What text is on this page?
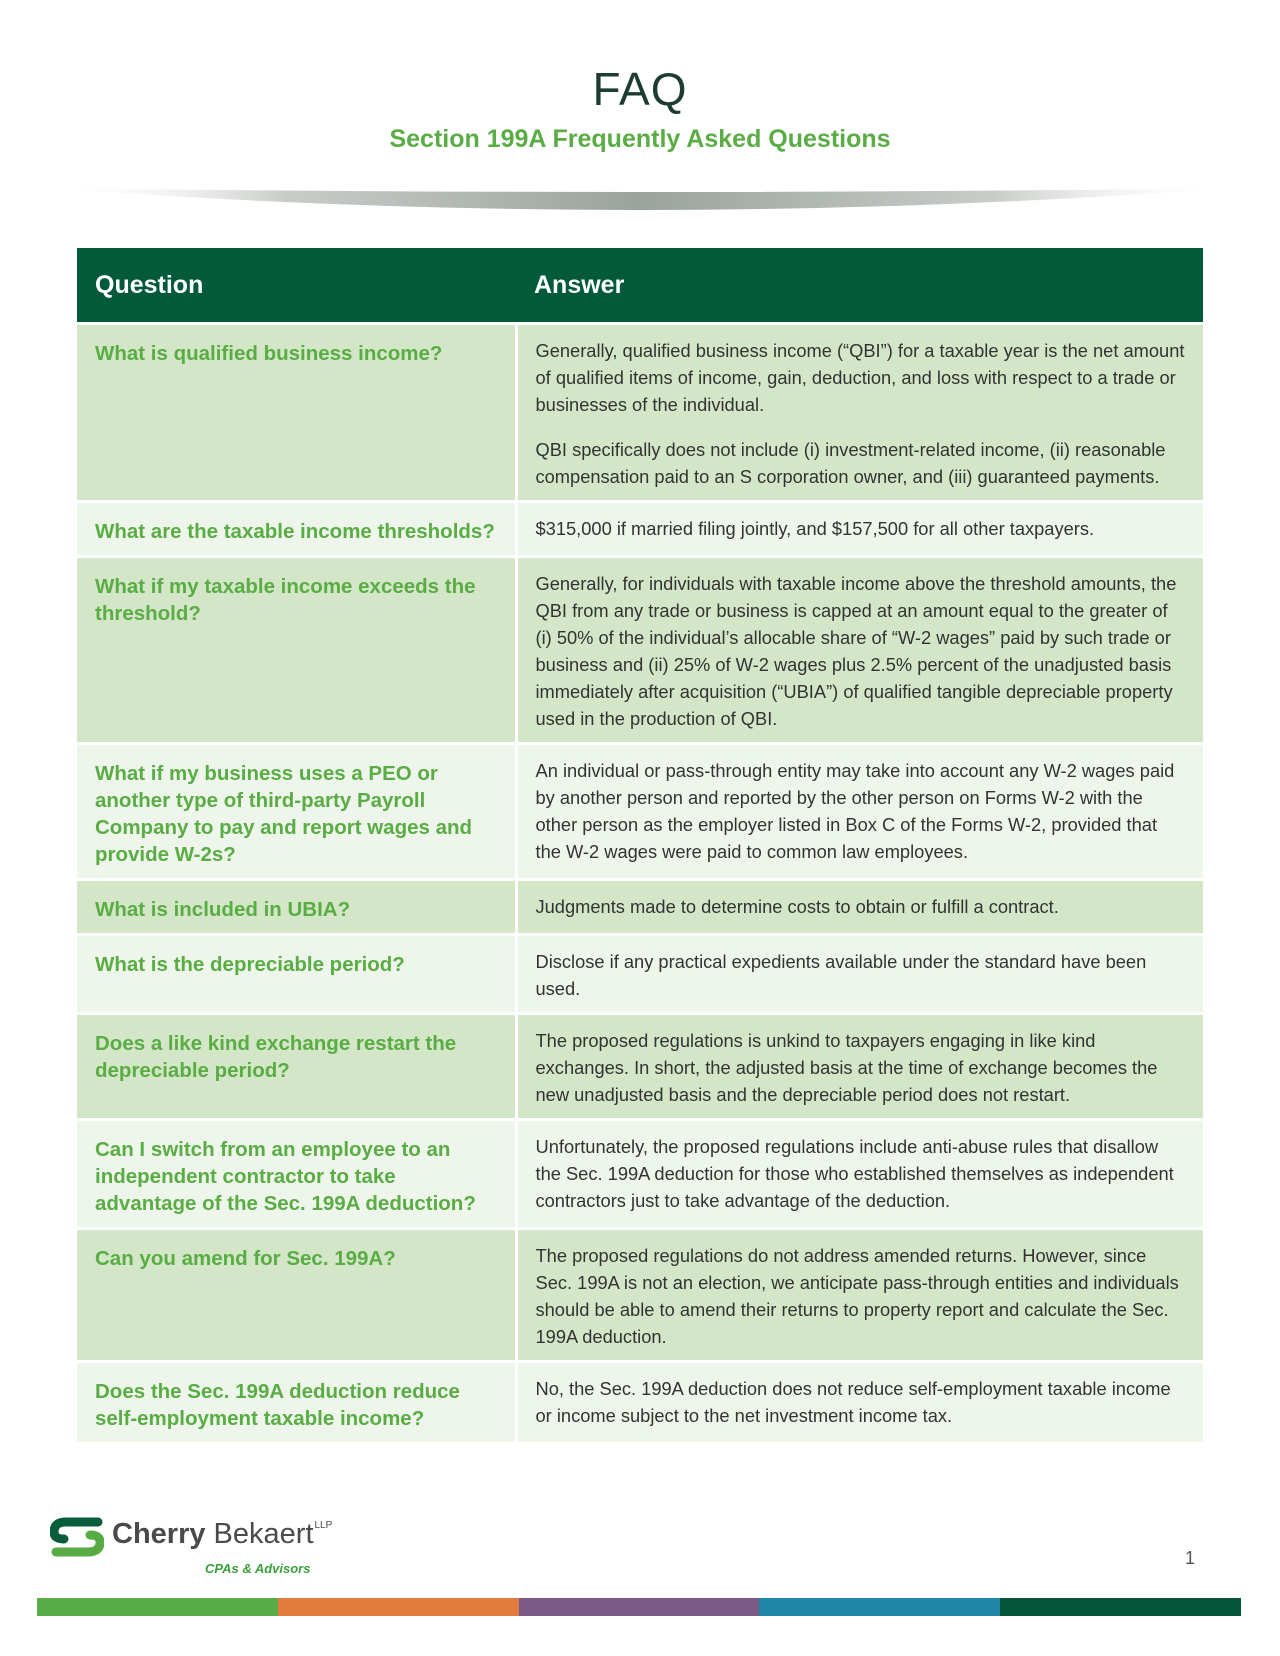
FAQ
Section 199A Frequently Asked Questions
Question	Answer
What is qualified business income?	Generally, qualified business income (“QBI”) for a taxable year is the net amount of qualified items of income, gain, deduction, and loss with respect to a trade or businesses of the individual.

QBI specifically does not include (i) investment-related income, (ii) reasonable compensation paid to an S corporation owner, and (iii) guaranteed payments.

What are the taxable income thresholds?	$315,000 if married filing jointly, and $157,500 for all other taxpayers.

What if my taxable income exceeds the threshold?	Generally, for individuals with taxable income above the threshold amounts, the QBI from any trade or business is capped at an amount equal to the greater of (i) 50% of the individual’s allocable share of “W-2 wages” paid by such trade or business and (ii) 25% of W-2 wages plus 2.5% percent of the unadjusted basis immediately after acquisition (“UBIA”) of qualified tangible depreciable property used in the production of QBI.

What if my business uses a PEO or another type of third-party Payroll Company to pay and report wages and provide W-2s?	An individual or pass-through entity may take into account any W-2 wages paid by another person and reported by the other person on Forms W-2 with the other person as the employer listed in Box C of the Forms W-2, provided that the W-2 wages were paid to common law employees.

What is included in UBIA?	Judgments made to determine costs to obtain or fulfill a contract.

What is the depreciable period?	Disclose if any practical expedients available under the standard have been used.

Does a like kind exchange restart the depreciable period?	The proposed regulations is unkind to taxpayers engaging in like kind exchanges. In short, the adjusted basis at the time of exchange becomes the new unadjusted basis and the depreciable period does not restart.

Can I switch from an employee to an independent contractor to take advantage of the Sec. 199A deduction?	Unfortunately, the proposed regulations include anti-abuse rules that disallow the Sec. 199A deduction for those who established themselves as independent contractors just to take advantage of the deduction.

Can you amend for Sec. 199A?	The proposed regulations do not address amended returns. However, since Sec. 199A is not an election, we anticipate pass-through entities and individuals should be able to amend their returns to property report and calculate the Sec. 199A deduction.

Does the Sec. 199A deduction reduce self-employment taxable income?	No, the Sec. 199A deduction does not reduce self-employment taxable income or income subject to the net investment income tax.

Cherry Bekaert$^{LLP}$
CPAs & Advisors
1
